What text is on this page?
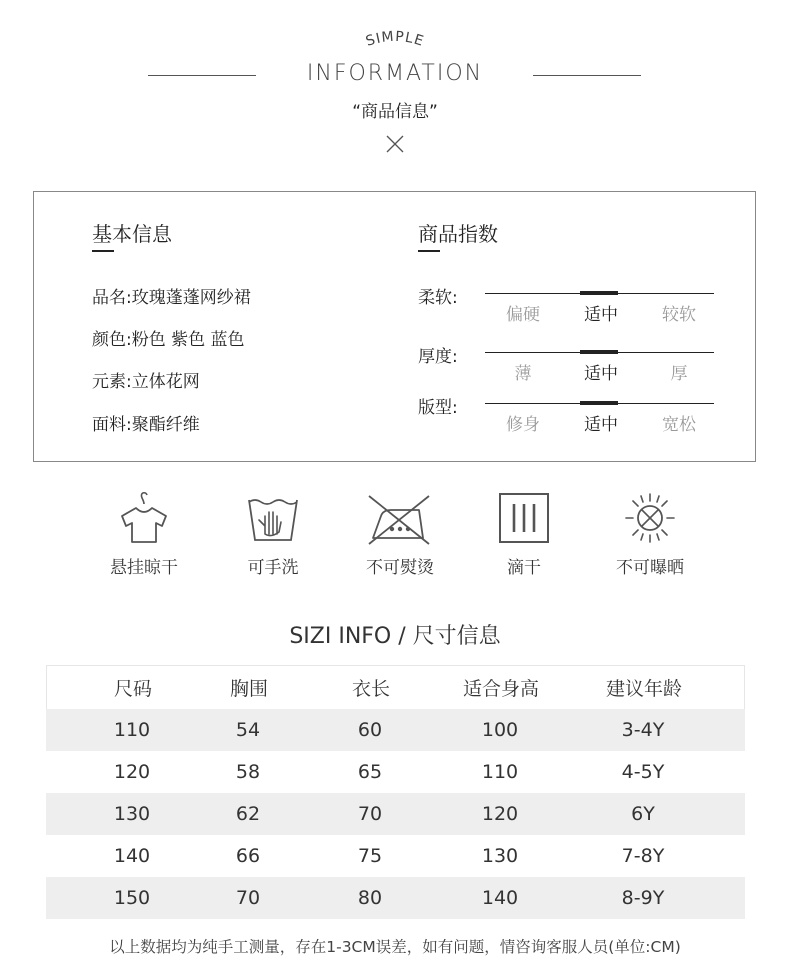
SIMPLE
INFORMATION
“商品信息”
基本信息
品名:玫瑰蓬蓬网纱裙
颜色:粉色 紫色 蓝色
元素:立体花网
面料:聚酯纤维
商品指数
柔软:
偏硬	适中	较软
厚度:
薄	适中	厚
版型:
修身	适中	宽松
悬挂晾干	可手洗	不可熨烫	滴干	不可曝晒
SIZI INFO / 尺寸信息
尺码	胸围	衣长	适合身高	建议年龄
110	54	60	100	3-4Y
120	58	65	110	4-5Y
130	62	70	120	6Y
140	66	75	130	7-8Y
150	70	80	140	8-9Y
以上数据均为纯手工测量，存在1-3CM误差，如有问题，情咨询客服人员(单位:CM)
